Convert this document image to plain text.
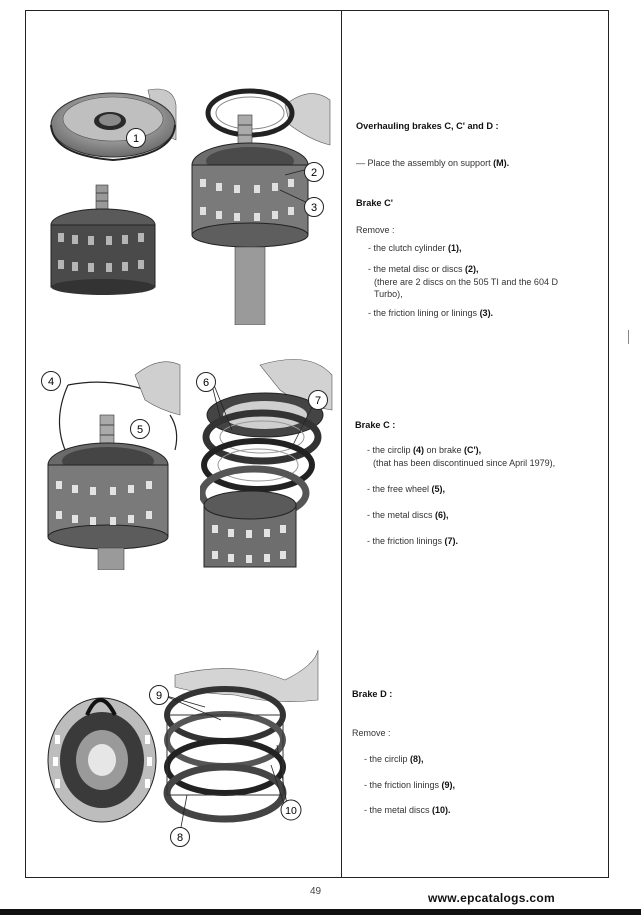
1
2
3
4
5
6
7
9
10
8
Overhauling brakes C, C' and D :
— Place the assembly on support (M).
Brake C'
Remove :
- the clutch cylinder (1),
- the metal disc or discs (2),
(there are 2 discs on the 505 TI and the 604 D
Turbo),
- the friction lining or linings (3).
Brake C :
- the circlip (4) on brake (C'),
(that has been discontinued since April 1979),
- the free wheel (5),
- the metal discs (6),
- the friction linings (7).
Brake D :
Remove :
- the circlip (8),
- the friction linings (9),
- the metal discs (10).
49	www.epcatalogs.com
